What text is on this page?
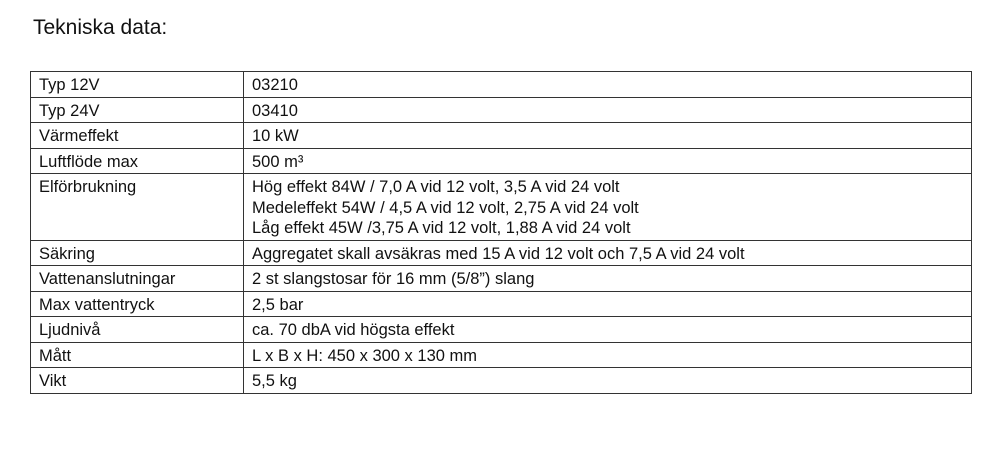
Tekniska data:
Typ 12V	03210

Typ 24V	03410

Värmeffekt	10 kW

Luftflöde max	500 m³

Elförbrukning	Hög effekt 84W / 7,0 A vid 12 volt, 3,5 A vid 24 volt
Medeleffekt 54W / 4,5 A vid 12 volt, 2,75 A vid 24 volt
Låg effekt 45W /3,75 A vid 12 volt, 1,88 A vid 24 volt

Säkring	Aggregatet skall avsäkras med 15 A vid 12 volt och 7,5 A vid 24 volt

Vattenanslutningar	2 st slangstosar för 16 mm (5/8”) slang

Max vattentryck	2,5 bar

Ljudnivå	ca. 70 dbA vid högsta effekt

Mått	L x B x H: 450 x 300 x 130 mm

Vikt	5,5 kg
